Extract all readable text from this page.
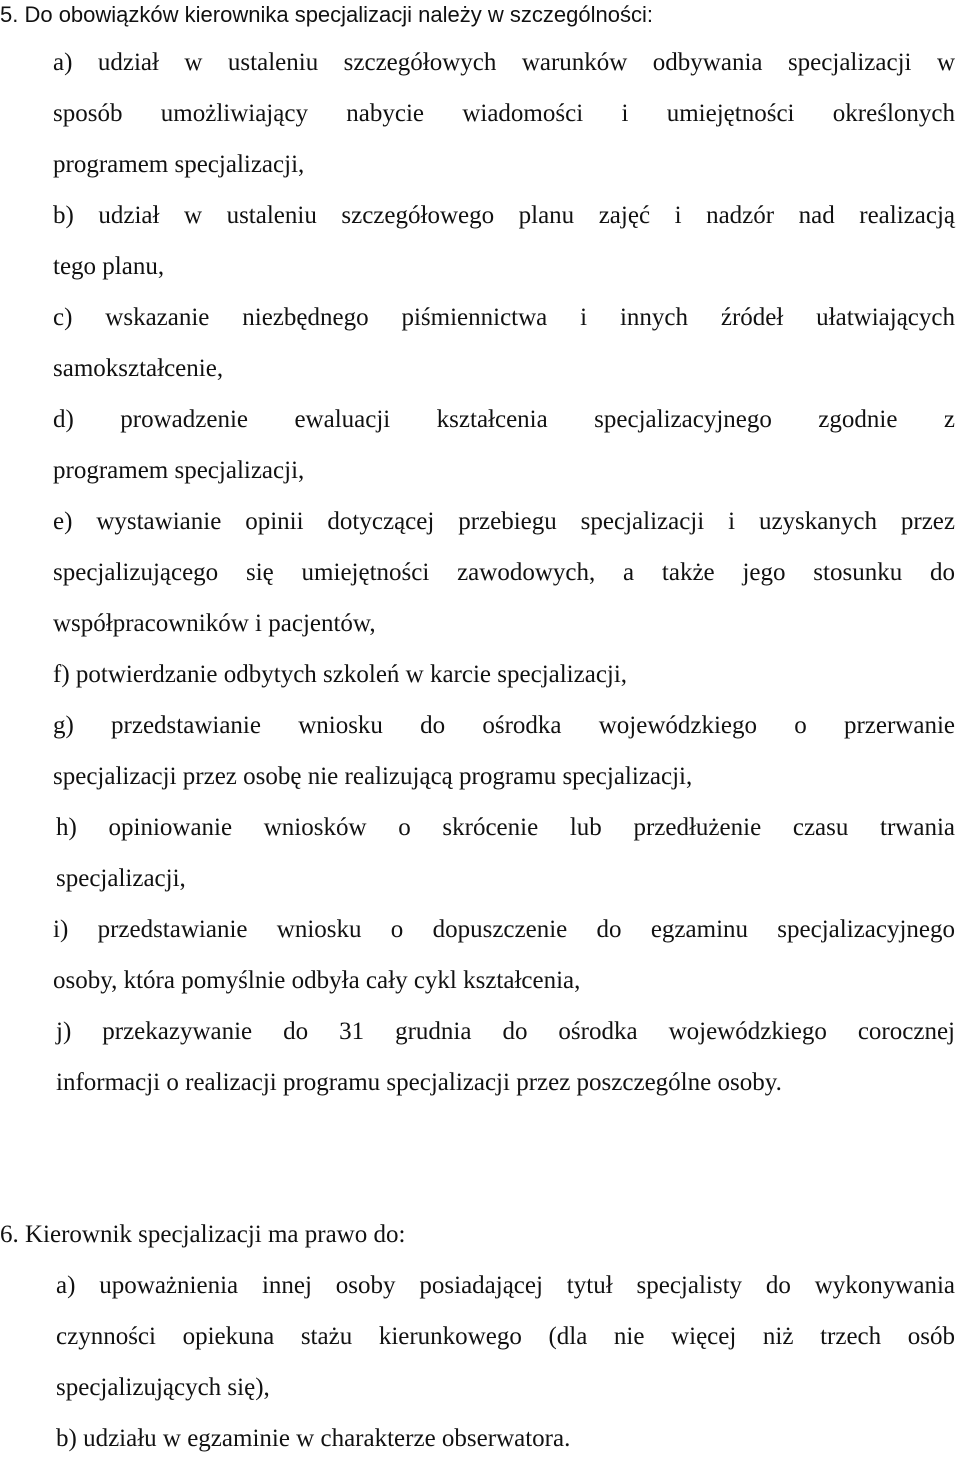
5. Do obowiązków kierownika specjalizacji należy w szczególności:
a) udział w ustaleniu szczegółowych warunków odbywania specjalizacji w
sposób umożliwiający nabycie wiadomości i umiejętności określonych
programem specjalizacji,
b) udział w ustaleniu szczegółowego planu zajęć i nadzór nad realizacją
tego planu,
c) wskazanie niezbędnego piśmiennictwa i innych źródeł ułatwiających
samokształcenie,
d) prowadzenie ewaluacji kształcenia specjalizacyjnego zgodnie z
programem specjalizacji,
e) wystawianie opinii dotyczącej przebiegu specjalizacji i uzyskanych przez
specjalizującego się umiejętności zawodowych, a także jego stosunku do
współpracowników i pacjentów,
f) potwierdzanie odbytych szkoleń w karcie specjalizacji,
g) przedstawianie wniosku do ośrodka wojewódzkiego o przerwanie
specjalizacji przez osobę nie realizującą programu specjalizacji,
h) opiniowanie wniosków o skrócenie lub przedłużenie czasu trwania
specjalizacji,
i) przedstawianie wniosku o dopuszczenie do egzaminu specjalizacyjnego
osoby, która pomyślnie odbyła cały cykl kształcenia,
j) przekazywanie do 31 grudnia do ośrodka wojewódzkiego corocznej
informacji o realizacji programu specjalizacji przez poszczególne osoby.
6. Kierownik specjalizacji ma prawo do:
a) upoważnienia innej osoby posiadającej tytuł specjalisty do wykonywania
czynności opiekuna stażu kierunkowego (dla nie więcej niż trzech osób
specjalizujących się),
b) udziału w egzaminie w charakterze obserwatora.
